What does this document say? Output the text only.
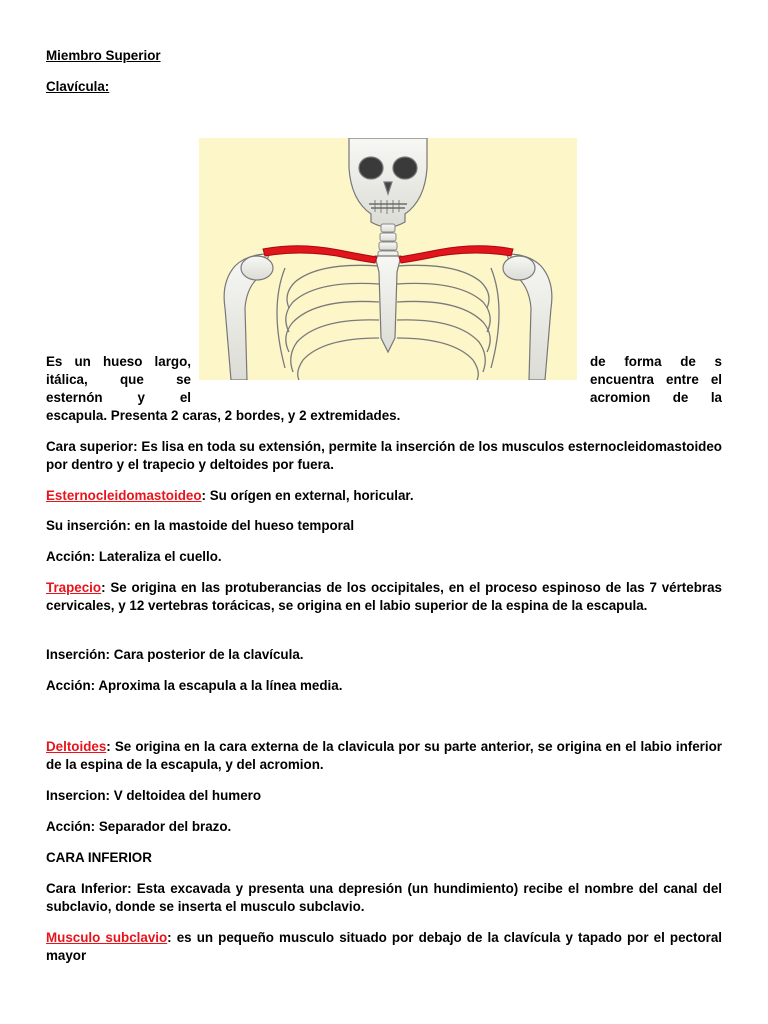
Miembro Superior
Clavícula:
Es un hueso largo,
itálica, que se
esternón y el
de forma de s
encuentra entre el
acromion de la
escapula. Presenta 2 caras, 2 bordes, y 2 extremidades.
Cara superior: Es lisa en toda su extensión, permite la inserción de los musculos esternocleidomastoideo por dentro y el trapecio y deltoides por fuera.
Esternocleidomastoideo: Su orígen en external, horicular.
Su inserción: en la mastoide del hueso temporal
Acción: Lateraliza el cuello.
Trapecio: Se origina en las protuberancias de los occipitales, en el proceso espinoso de las 7 vértebras cervicales, y 12 vertebras torácicas, se origina en el labio superior de la espina de la escapula.
Inserción: Cara posterior de la clavícula.
Acción: Aproxima la escapula a la línea media.
Deltoides: Se origina en la cara externa de la clavicula por su parte anterior, se origina en el labio inferior de la espina de la escapula, y del acromion.
Insercion: V deltoidea del humero
Acción: Separador del brazo.
CARA INFERIOR
Cara Inferior: Esta excavada y presenta una depresión (un hundimiento) recibe el nombre del canal del subclavio, donde se inserta el musculo subclavio.
Musculo subclavio: es un pequeño musculo situado por debajo de la clavícula y tapado por el pectoral mayor
